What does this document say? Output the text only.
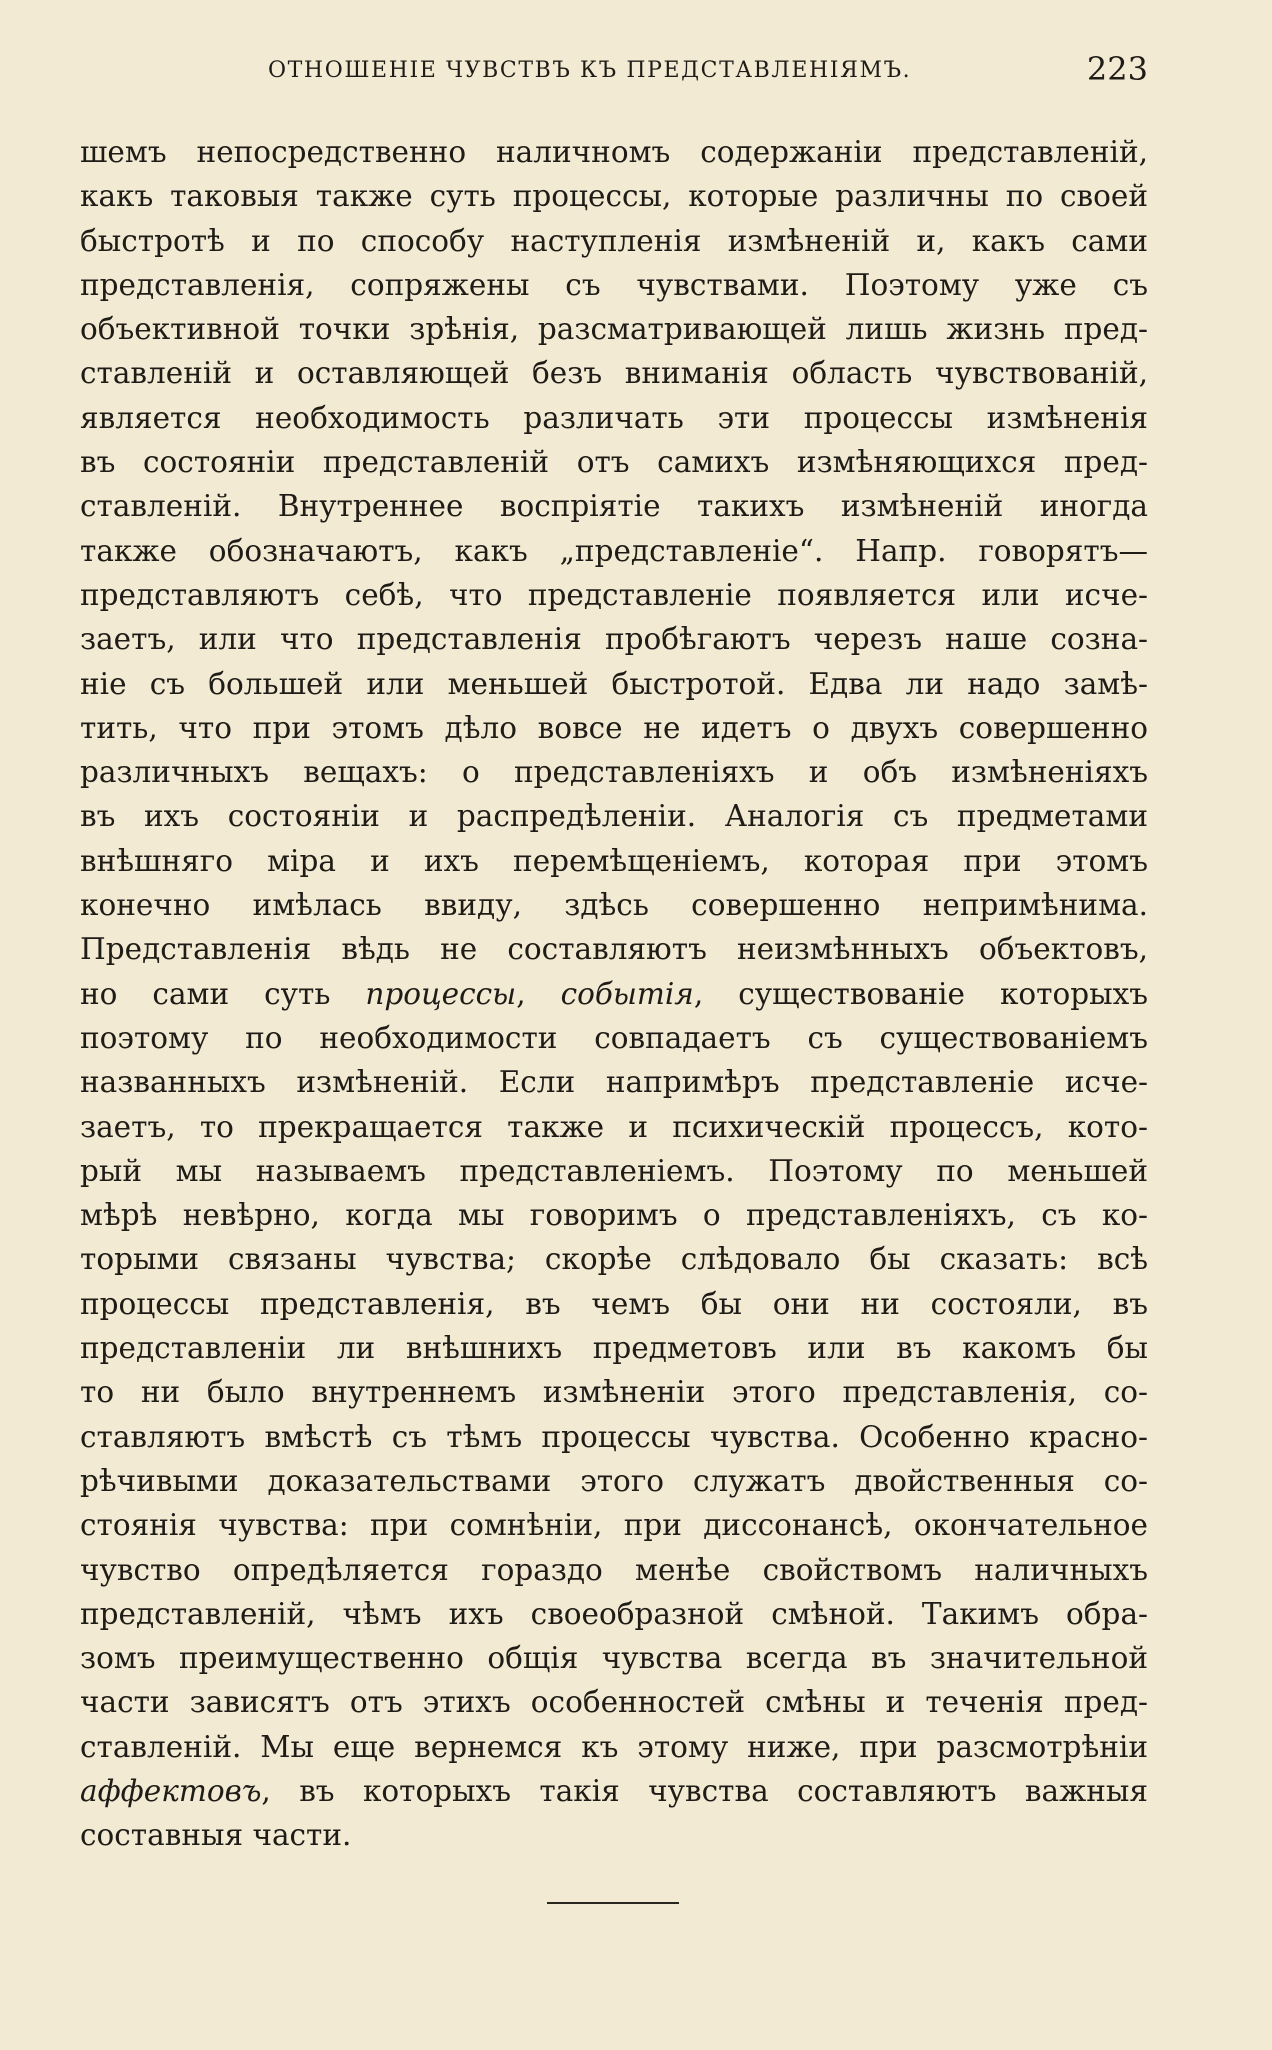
ОТНОШЕНІЕ ЧУВСТВЪ КЪ ПРЕДСТАВЛЕНІЯМЪ.	223
шемъ непосредственно наличномъ содержаніи представленій,
какъ таковыя также суть процессы, которые различны по своей
быстротѣ и по способу наступленія измѣненій и, какъ сами
представленія, сопряжены съ чувствами. Поэтому уже съ
объективной точки зрѣнія, разсматривающей лишь жизнь пред-
ставленій и оставляющей безъ вниманія область чувствованій,
является необходимость различать эти процессы измѣненія
въ состояніи представленій отъ самихъ измѣняющихся пред-
ставленій. Внутреннее воспріятіе такихъ измѣненій иногда
также обозначаютъ, какъ „представленіе“. Напр. говорятъ—
представляютъ себѣ, что представленіе появляется или исче-
заетъ, или что представленія пробѣгаютъ черезъ наше созна-
ніе съ большей или меньшей быстротой. Едва ли надо замѣ-
тить, что при этомъ дѣло вовсе не идетъ о двухъ совершенно
различныхъ вещахъ: о представленіяхъ и объ измѣненіяхъ
въ ихъ состояніи и распредѣленіи. Аналогія съ предметами
внѣшняго міра и ихъ перемѣщеніемъ, которая при этомъ
конечно имѣлась ввиду, здѣсь совершенно непримѣнима.
Представленія вѣдь не составляютъ неизмѣнныхъ объектовъ,
но сами суть процессы, событія, существованіе которыхъ
поэтому по необходимости совпадаетъ съ существованіемъ
названныхъ измѣненій. Если напримѣръ представленіе исче-
заетъ, то прекращается также и психическій процессъ, кото-
рый мы называемъ представленіемъ. Поэтому по меньшей
мѣрѣ невѣрно, когда мы говоримъ о представленіяхъ, съ ко-
торыми связаны чувства; скорѣе слѣдовало бы сказать: всѣ
процессы представленія, въ чемъ бы они ни состояли, въ
представленіи ли внѣшнихъ предметовъ или въ какомъ бы
то ни было внутреннемъ измѣненіи этого представленія, со-
ставляютъ вмѣстѣ съ тѣмъ процессы чувства. Особенно красно-
рѣчивыми доказательствами этого служатъ двойственныя со-
стоянія чувства: при сомнѣніи, при диссонансѣ, окончательное
чувство опредѣляется гораздо менѣе свойствомъ наличныхъ
представленій, чѣмъ ихъ своеобразной смѣной. Такимъ обра-
зомъ преимущественно общія чувства всегда въ значительной
части зависятъ отъ этихъ особенностей смѣны и теченія пред-
ставленій. Мы еще вернемся къ этому ниже, при разсмотрѣніи
аффектовъ, въ которыхъ такія чувства составляютъ важныя
составныя части.
